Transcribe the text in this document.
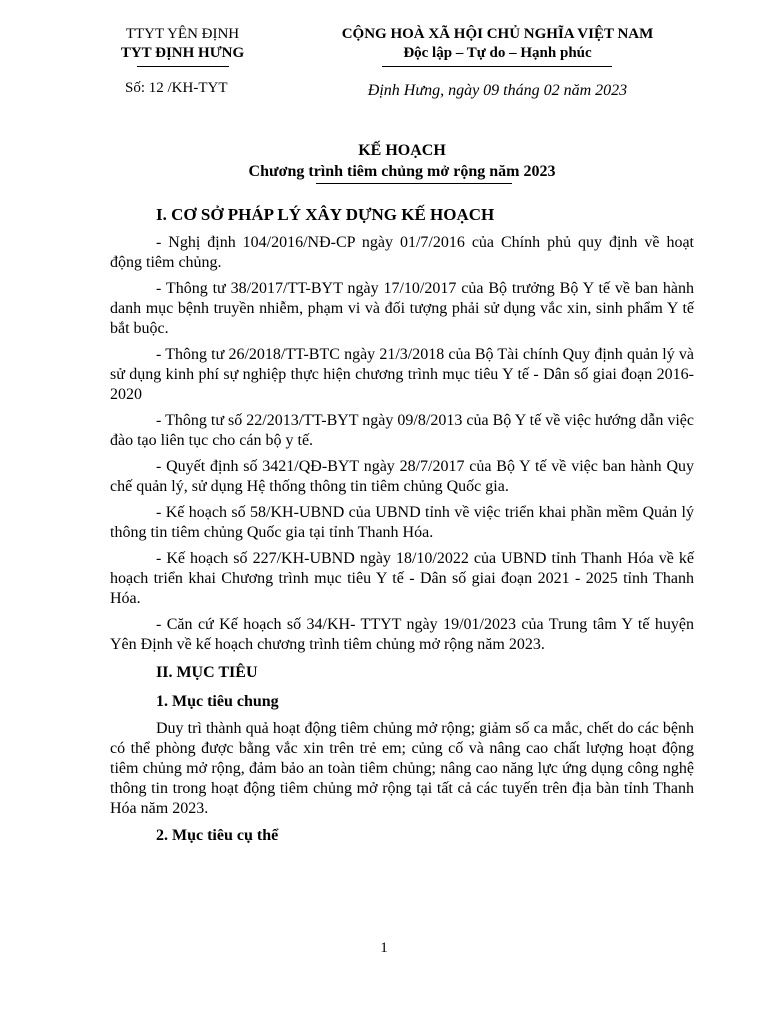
TTYT YÊN ĐỊNH
TYT ĐỊNH HƯNG
Số: 12 /KH-TYT
CỘNG HOÀ XÃ HỘI CHỦ NGHĨA VIỆT NAM
Độc lập – Tự do – Hạnh phúc
Định Hưng, ngày 09 tháng 02 năm 2023
KẾ HOẠCH
Chương trình tiêm chủng mở rộng năm 2023
I. CƠ SỞ PHÁP LÝ XÂY DỰNG KẾ HOẠCH

- Nghị định 104/2016/NĐ-CP ngày 01/7/2016 của Chính phủ quy định về hoạt động tiêm chủng.

- Thông tư 38/2017/TT-BYT ngày 17/10/2017 của Bộ trưởng Bộ Y tế về ban hành danh mục bệnh truyền nhiễm, phạm vi và đối tượng phải sử dụng vắc xin, sinh phẩm Y tế bắt buộc.

- Thông tư 26/2018/TT-BTC ngày 21/3/2018 của Bộ Tài chính Quy định quản lý và sử dụng kinh phí sự nghiệp thực hiện chương trình mục tiêu Y tế - Dân số giai đoạn 2016-2020

- Thông tư số 22/2013/TT-BYT ngày 09/8/2013 của Bộ Y tế về việc hướng dẫn việc đào tạo liên tục cho cán bộ y tế.

- Quyết định số 3421/QĐ-BYT ngày 28/7/2017 của Bộ Y tế về việc ban hành Quy chế quản lý, sử dụng Hệ thống thông tin tiêm chủng Quốc gia.

- Kế hoạch số 58/KH-UBND của UBND tỉnh về việc triển khai phần mềm Quản lý thông tin tiêm chủng Quốc gia tại tỉnh Thanh Hóa.

- Kế hoạch số 227/KH-UBND ngày 18/10/2022 của UBND tỉnh Thanh Hóa về kế hoạch triển khai Chương trình mục tiêu Y tế - Dân số giai đoạn 2021 - 2025 tỉnh Thanh Hóa.

- Căn cứ Kế hoạch số 34/KH- TTYT ngày 19/01/2023 của Trung tâm Y tế huyện Yên Định về kế hoạch chương trình tiêm chủng mở rộng năm 2023.

II. MỤC TIÊU
1. Mục tiêu chung

Duy trì thành quả hoạt động tiêm chủng mở rộng; giảm số ca mắc, chết do các bệnh có thể phòng được bằng vắc xin trên trẻ em; củng cố và nâng cao chất lượng hoạt động tiêm chủng mở rộng, đảm bảo an toàn tiêm chủng; nâng cao năng lực ứng dụng công nghệ thông tin trong hoạt động tiêm chủng mở rộng tại tất cả các tuyến trên địa bàn tỉnh Thanh Hóa năm 2023.

2. Mục tiêu cụ thể
1
